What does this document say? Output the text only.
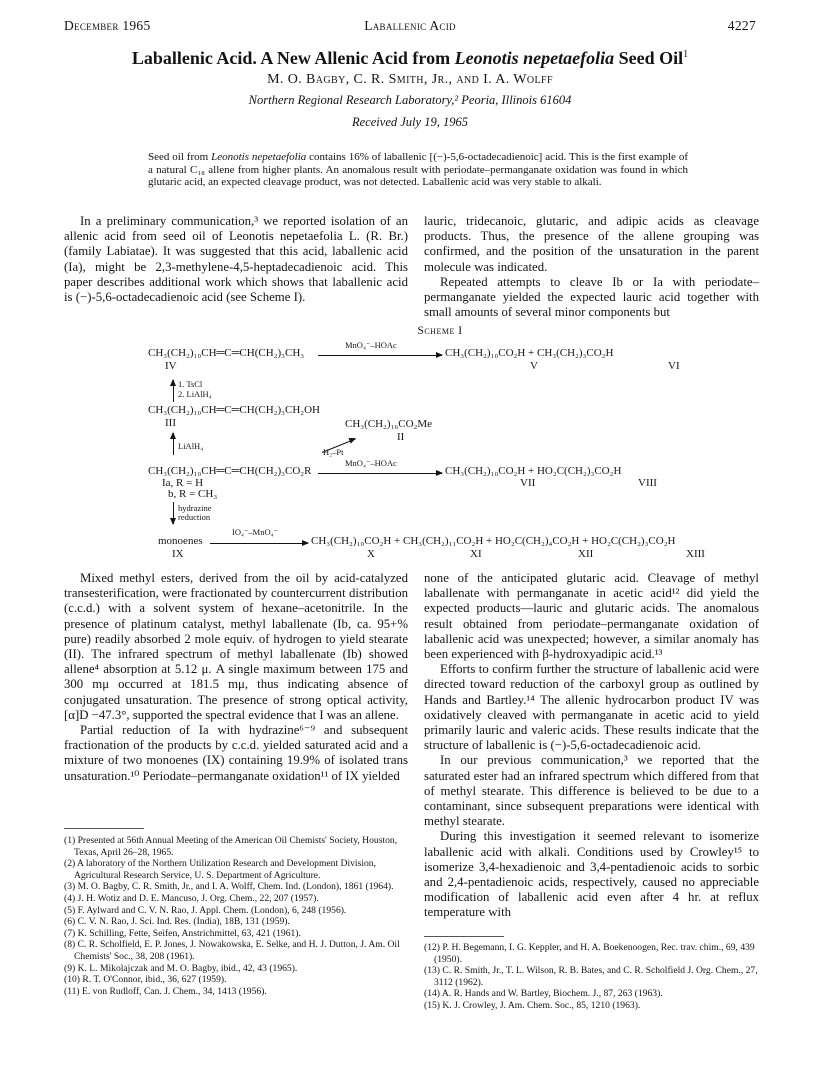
December 1965	Laballenic Acid	4227
Laballenic Acid. A New Allenic Acid from Leonotis nepetaefolia Seed Oil$^1$
M. O. Bagby, C. R. Smith, Jr., and I. A. Wolff
Northern Regional Research Laboratory,² Peoria, Illinois 61604
Received July 19, 1965
Seed oil from Leonotis nepetaefolia contains 16% of laballenic [(−)-5,6-octadecadienoic] acid. This is the first example of a natural C₁₈ allene from higher plants. An anomalous result with periodate–permanganate oxidation was found in which glutaric acid, an expected cleavage product, was not detected. Laballenic acid was very stable to alkali.

In a preliminary communication,³ we reported isolation of an allenic acid from seed oil of Leonotis nepetaefolia L. (R. Br.) (family Labiatae). It was suggested that this acid, laballenic acid (Ia), might be 2,3-methylene-4,5-heptadecadienoic acid. This paper describes additional work which shows that laballenic acid is (−)-5,6-octadecadienoic acid (see Scheme I).

lauric, tridecanoic, glutaric, and adipic acids as cleavage products. Thus, the presence of the allene grouping was confirmed, and the position of the unsaturation in the parent molecule was indicated.

Repeated attempts to cleave Ib or Ia with periodate–permanganate yielded the expected lauric acid together with small amounts of several minor components but

Scheme I
MnO₄⁻–HOAc
CH₃(CH₂)₁₀CH═C═CH(CH₂)₃CH₃	CH₃(CH₂)₁₀CO₂H + CH₃(CH₂)₃CO₂H
IV	V	VI
1. TsCl
2. LiAlH₄
CH₃(CH₂)₁₀CH═C═CH(CH₂)₃CH₂OH
III	CH₃(CH₂)₁₆CO₂Me
II
LiAlH₄
H₂–Pt
MnO₄⁻–HOAc
CH₃(CH₂)₁₀CH═C═CH(CH₂)₃CO₂R	CH₃(CH₂)₁₀CO₂H + HO₂C(CH₂)₃CO₂H
Ia, R = H
b, R = CH₃
VII	VIII
hydrazine
reduction
IO₄⁻–MnO₄⁻
monoenes	CH₃(CH₂)₁₀CO₂H + CH₃(CH₂)₁₁CO₂H + HO₂C(CH₂)₄CO₂H + HO₂C(CH₂)₃CO₂H
IX	X	XI	XII	XIII

Mixed methyl esters, derived from the oil by acid-catalyzed transesterification, were fractionated by countercurrent distribution (c.c.d.) with a solvent system of hexane–acetonitrile. In the presence of platinum catalyst, methyl laballenate (Ib, ca. 95+% pure) readily absorbed 2 mole equiv. of hydrogen to yield stearate (II). The infrared spectrum of methyl laballenate (Ib) showed allene⁴ absorption at 5.12 μ. A single maximum between 175 and 300 mμ occurred at 181.5 mμ, thus indicating absence of conjugated unsaturation. The presence of strong optical activity, [α]D −47.3°, supported the spectral evidence that I was an allene.

Partial reduction of Ia with hydrazine⁶⁻⁹ and subsequent fractionation of the products by c.c.d. yielded saturated acid and a mixture of two monoenes (IX) containing 19.9% of isolated trans unsaturation.¹⁰ Periodate–permanganate oxidation¹¹ of IX yielded

none of the anticipated glutaric acid. Cleavage of methyl laballenate with permanganate in acetic acid¹² did yield the expected products—lauric and glutaric acids. The anomalous result obtained from periodate–permanganate oxidation of laballenic acid was unexpected; however, a similar anomaly has been experienced with β-hydroxyadipic acid.¹³

Efforts to confirm further the structure of laballenic acid were directed toward reduction of the carboxyl group as outlined by Hands and Bartley.¹⁴ The allenic hydrocarbon product IV was oxidatively cleaved with permanganate in acetic acid to yield primarily lauric and valeric acids. These results indicate that the structure of laballenic is (−)-5,6-octadecadienoic acid.

In our previous communication,³ we reported that the saturated ester had an infrared spectrum which differed from that of methyl stearate. This difference is believed to be due to a contaminant, since subsequent preparations were identical with methyl stearate.

During this investigation it seemed relevant to isomerize laballenic acid with alkali. Conditions used by Crowley¹⁵ to isomerize 3,4-hexadienoic and 3,4-pentadienoic acids to sorbic and 2,4-pentadienoic acids, respectively, caused no appreciable modification of laballenic acid even after 4 hr. at reflux temperature with

(1) Presented at 56th Annual Meeting of the American Oil Chemists' Society, Houston, Texas, April 26–28, 1965.

(2) A laboratory of the Northern Utilization Research and Development Division, Agricultural Research Service, U. S. Department of Agriculture.

(3) M. O. Bagby, C. R. Smith, Jr., and I. A. Wolff, Chem. Ind. (London), 1861 (1964).

(4) J. H. Wotiz and D. E. Mancuso, J. Org. Chem., 22, 207 (1957).

(5) F. Aylward and C. V. N. Rao, J. Appl. Chem. (London), 6, 248 (1956).

(6) C. V. N. Rao, J. Sci. Ind. Res. (India), 18B, 131 (1959).

(7) K. Schilling, Fette, Seifen, Anstrichmittel, 63, 421 (1961).

(8) C. R. Scholfield, E. P. Jones, J. Nowakowska, E. Selke, and H. J. Dutton, J. Am. Oil Chemists' Soc., 38, 208 (1961).

(9) K. L. Mikolajczak and M. O. Bagby, ibid., 42, 43 (1965).

(10) R. T. O'Connor, ibid., 36, 627 (1959).

(11) E. von Rudloff, Can. J. Chem., 34, 1413 (1956).

(12) P. H. Begemann, I. G. Keppler, and H. A. Boekenoogen, Rec. trav. chim., 69, 439 (1950).

(13) C. R. Smith, Jr., T. L. Wilson, R. B. Bates, and C. R. Scholfield J. Org. Chem., 27, 3112 (1962).

(14) A. R. Hands and W. Bartley, Biochem. J., 87, 263 (1963).

(15) K. J. Crowley, J. Am. Chem. Soc., 85, 1210 (1963).
